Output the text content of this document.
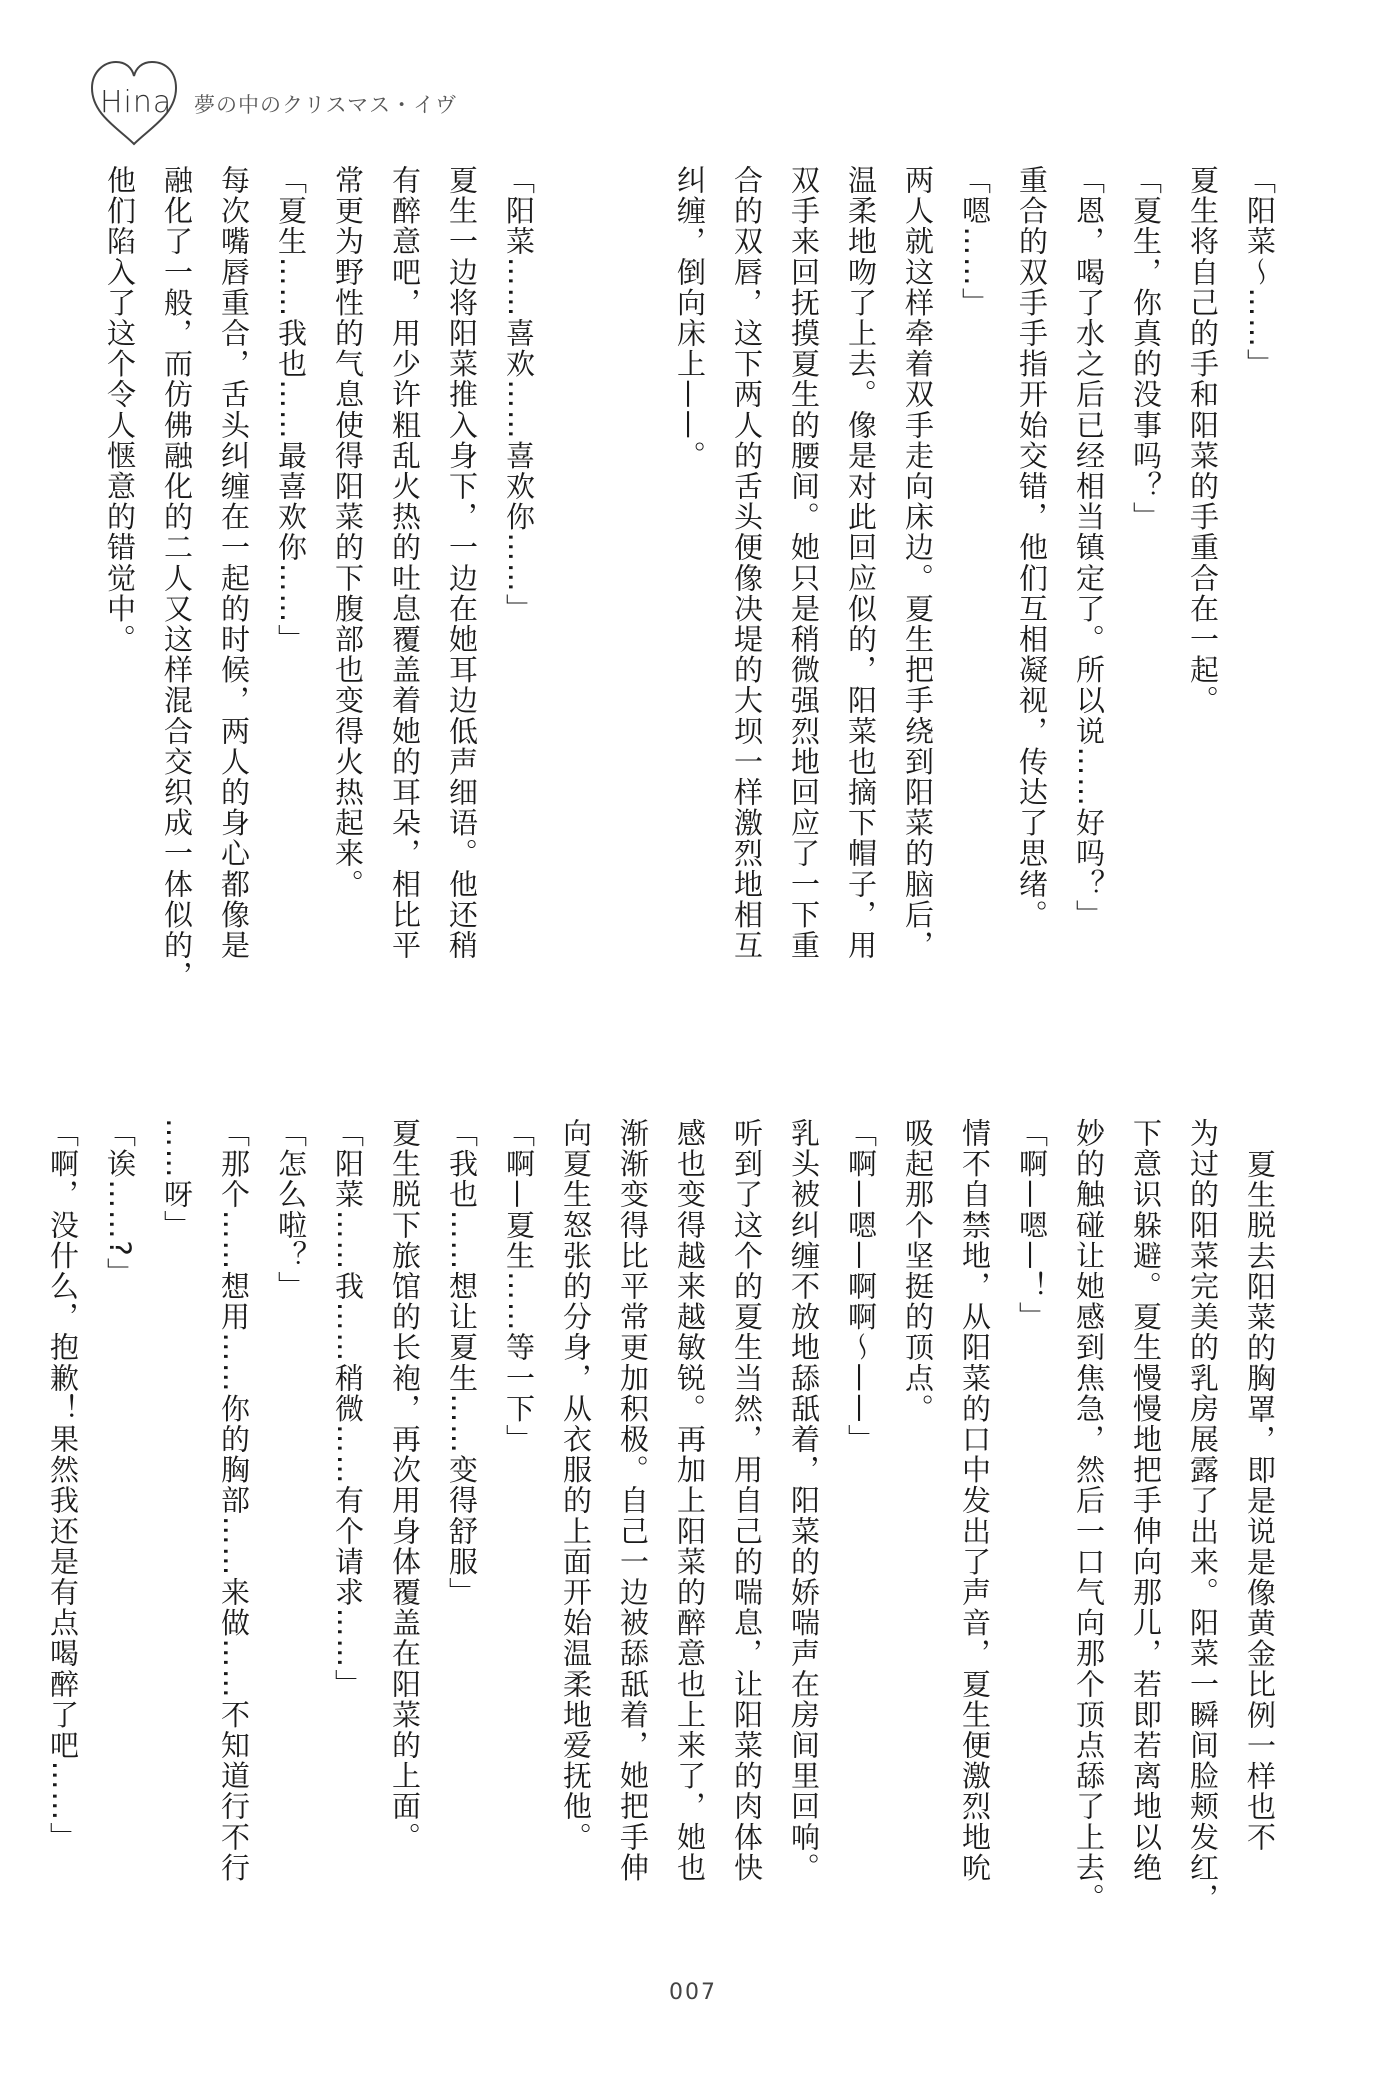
Hina 夢の中のクリスマス・イヴ

「阳菜〜……」

夏生将自己的手和阳菜的手重合在一起。

「夏生，你真的没事吗？」

「恩，喝了水之后已经相当镇定了。所以说……好吗？」

重合的双手手指开始交错，他们互相凝视，传达了思绪。

「嗯……」

两人就这样牵着双手走向床边。夏生把手绕到阳菜的脑后，

温柔地吻了上去。像是对此回应似的，阳菜也摘下帽子，用

双手来回抚摸夏生的腰间。她只是稍微强烈地回应了一下重

合的双唇，这下两人的舌头便像决堤的大坝一样激烈地相互

纠缠，倒向床上——。

「阳菜……喜欢……喜欢你……」

夏生一边将阳菜推入身下，一边在她耳边低声细语。他还稍

有醉意吧，用少许粗乱火热的吐息覆盖着她的耳朵，相比平

常更为野性的气息使得阳菜的下腹部也变得火热起来。

「夏生……我也……最喜欢你……」

每次嘴唇重合，舌头纠缠在一起的时候，两人的身心都像是

融化了一般，而仿佛融化的二人又这样混合交织成一体似的，

他们陷入了这个令人惬意的错觉中。

夏生脱去阳菜的胸罩，即是说是像黄金比例一样也不

为过的阳菜完美的乳房展露了出来。阳菜一瞬间脸颊发红，

下意识躲避。夏生慢慢地把手伸向那儿，若即若离地以绝

妙的触碰让她感到焦急，然后一口气向那个顶点舔了上去。

「啊—嗯—！」

情不自禁地，从阳菜的口中发出了声音，夏生便激烈地吮

吸起那个坚挺的顶点。

「啊—嗯—啊啊〜——」

乳头被纠缠不放地舔舐着，阳菜的娇喘声在房间里回响。

听到了这个的夏生当然，用自己的喘息，让阳菜的肉体快

感也变得越来越敏锐。再加上阳菜的醉意也上来了，她也

渐渐变得比平常更加积极。自己一边被舔舐着，她把手伸

向夏生怒张的分身，从衣服的上面开始温柔地爱抚他。

「啊—夏生……等一下」

「我也……想让夏生……变得舒服」

夏生脱下旅馆的长袍，再次用身体覆盖在阳菜的上面。

「阳菜……我……稍微……有个请求……」

「怎么啦？」

「那个……想用……你的胸部……来做……不知道行不行

……呀」

「诶……?」

「啊，没什么，抱歉！果然我还是有点喝醉了吧……」

007
